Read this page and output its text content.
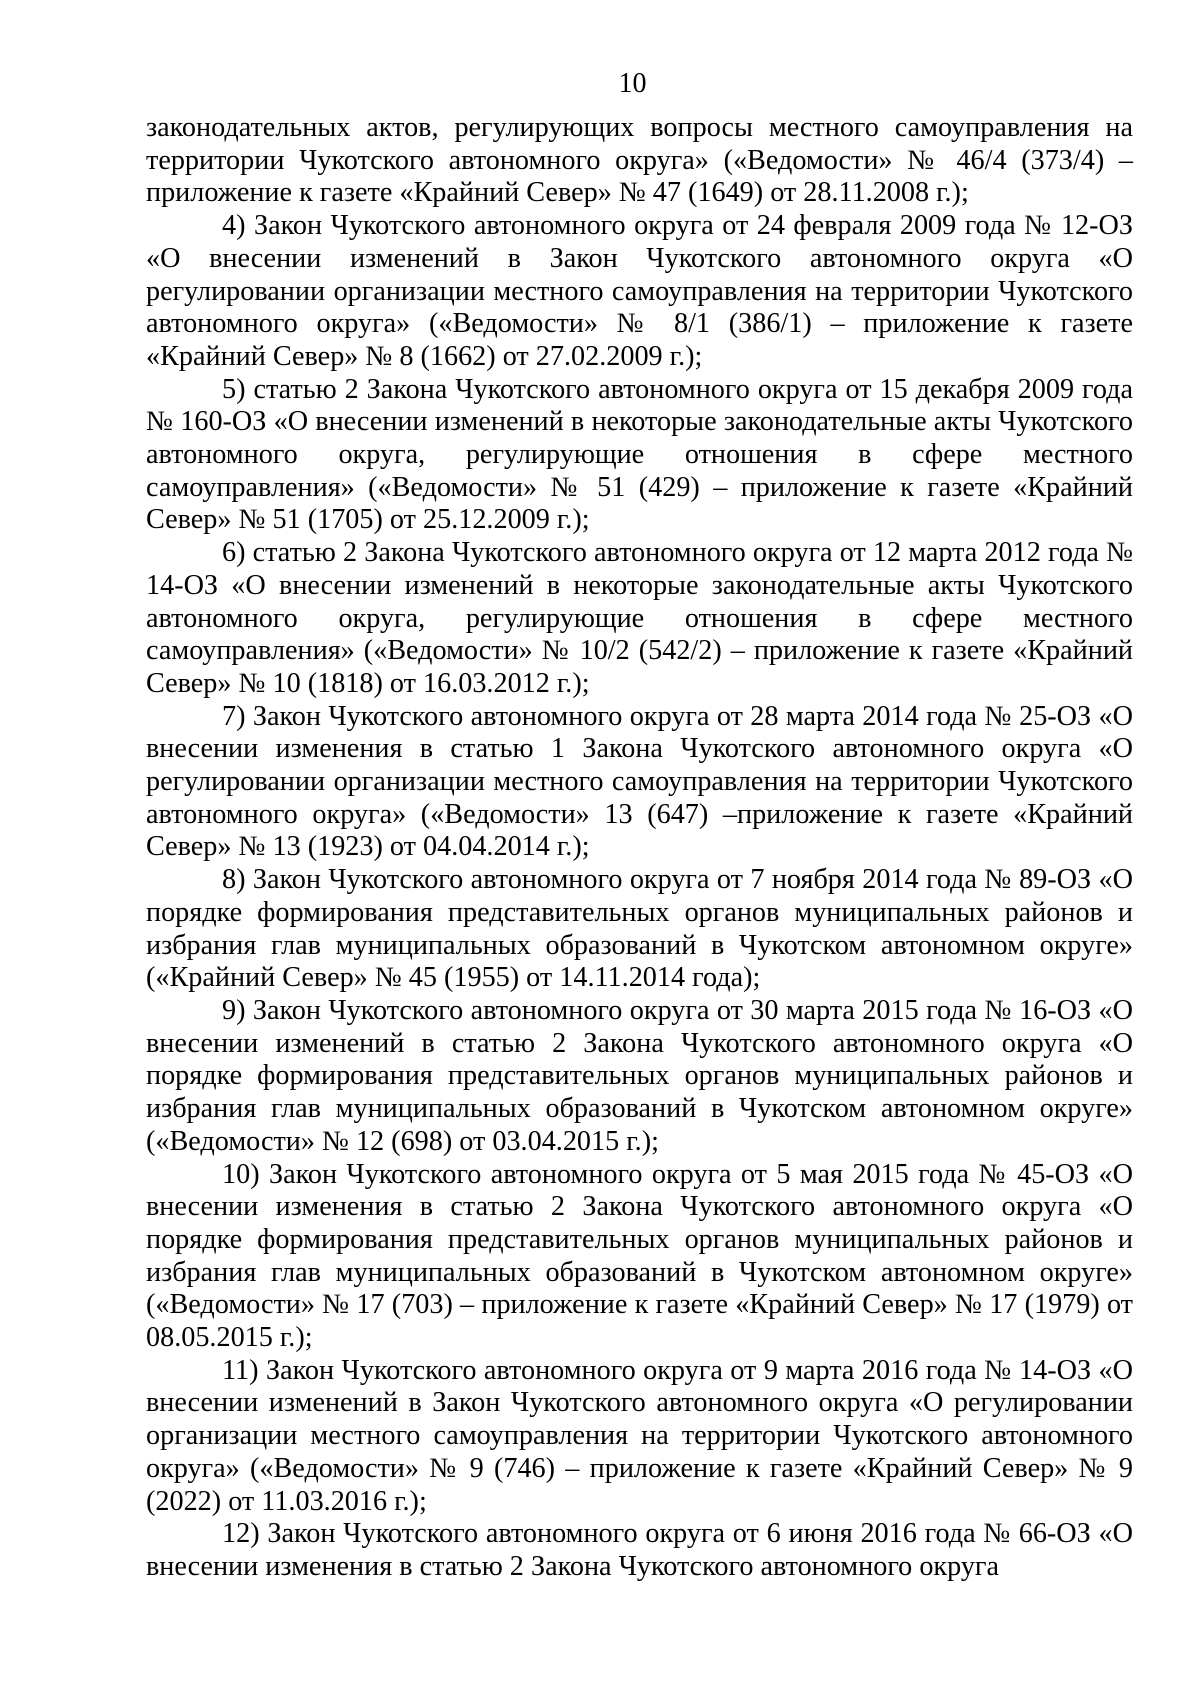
10

законодательных актов, регулирующих вопросы местного самоуправления на территории Чукотского автономного округа» («Ведомости» № 46/4 (373/4) – приложение к газете «Крайний Север» № 47 (1649) от 28.11.2008 г.);

4) Закон Чукотского автономного округа от 24 февраля 2009 года № 12-ОЗ «О внесении изменений в Закон Чукотского автономного округа «О регулировании организации местного самоуправления на территории Чукотского автономного округа» («Ведомости» № 8/1 (386/1) – приложение к газете «Крайний Север» № 8 (1662) от 27.02.2009 г.);

5) статью 2 Закона Чукотского автономного округа от 15 декабря 2009 года № 160-ОЗ «О внесении изменений в некоторые законодательные акты Чукотского автономного округа, регулирующие отношения в сфере местного самоуправления» («Ведомости» № 51 (429) – приложение к газете «Крайний Север» № 51 (1705) от 25.12.2009 г.);

6) статью 2 Закона Чукотского автономного округа от 12 марта 2012 года № 14-ОЗ «О внесении изменений в некоторые законодательные акты Чукотского автономного округа, регулирующие отношения в сфере местного самоуправления» («Ведомости» № 10/2 (542/2) – приложение к газете «Крайний Север» № 10 (1818) от 16.03.2012 г.);

7) Закон Чукотского автономного округа от 28 марта 2014 года № 25-ОЗ «О внесении изменения в статью 1 Закона Чукотского автономного округа «О регулировании организации местного самоуправления на территории Чукотского автономного округа» («Ведомости» 13 (647) –приложение к газете «Крайний Север» № 13 (1923) от 04.04.2014 г.);

8) Закон Чукотского автономного округа от 7 ноября 2014 года № 89-ОЗ «О порядке формирования представительных органов муниципальных районов и избрания глав муниципальных образований в Чукотском автономном округе» («Крайний Север» № 45 (1955) от 14.11.2014 года);

9) Закон Чукотского автономного округа от 30 марта 2015 года № 16-ОЗ «О внесении изменений в статью 2 Закона Чукотского автономного округа «О порядке формирования представительных органов муниципальных районов и избрания глав муниципальных образований в Чукотском автономном округе» («Ведомости» № 12 (698) от 03.04.2015 г.);

10) Закон Чукотского автономного округа от 5 мая 2015 года № 45-ОЗ «О внесении изменения в статью 2 Закона Чукотского автономного округа «О порядке формирования представительных органов муниципальных районов и избрания глав муниципальных образований в Чукотском автономном округе» («Ведомости» № 17 (703) – приложение к газете «Крайний Север» № 17 (1979) от 08.05.2015 г.);

11) Закон Чукотского автономного округа от 9 марта 2016 года № 14-ОЗ «О внесении изменений в Закон Чукотского автономного округа «О регулировании организации местного самоуправления на территории Чукотского автономного округа» («Ведомости» № 9 (746) – приложение к газете «Крайний Север» № 9 (2022) от 11.03.2016 г.);

12) Закон Чукотского автономного округа от 6 июня 2016 года № 66-ОЗ «О внесении изменения в статью 2 Закона Чукотского автономного округа
